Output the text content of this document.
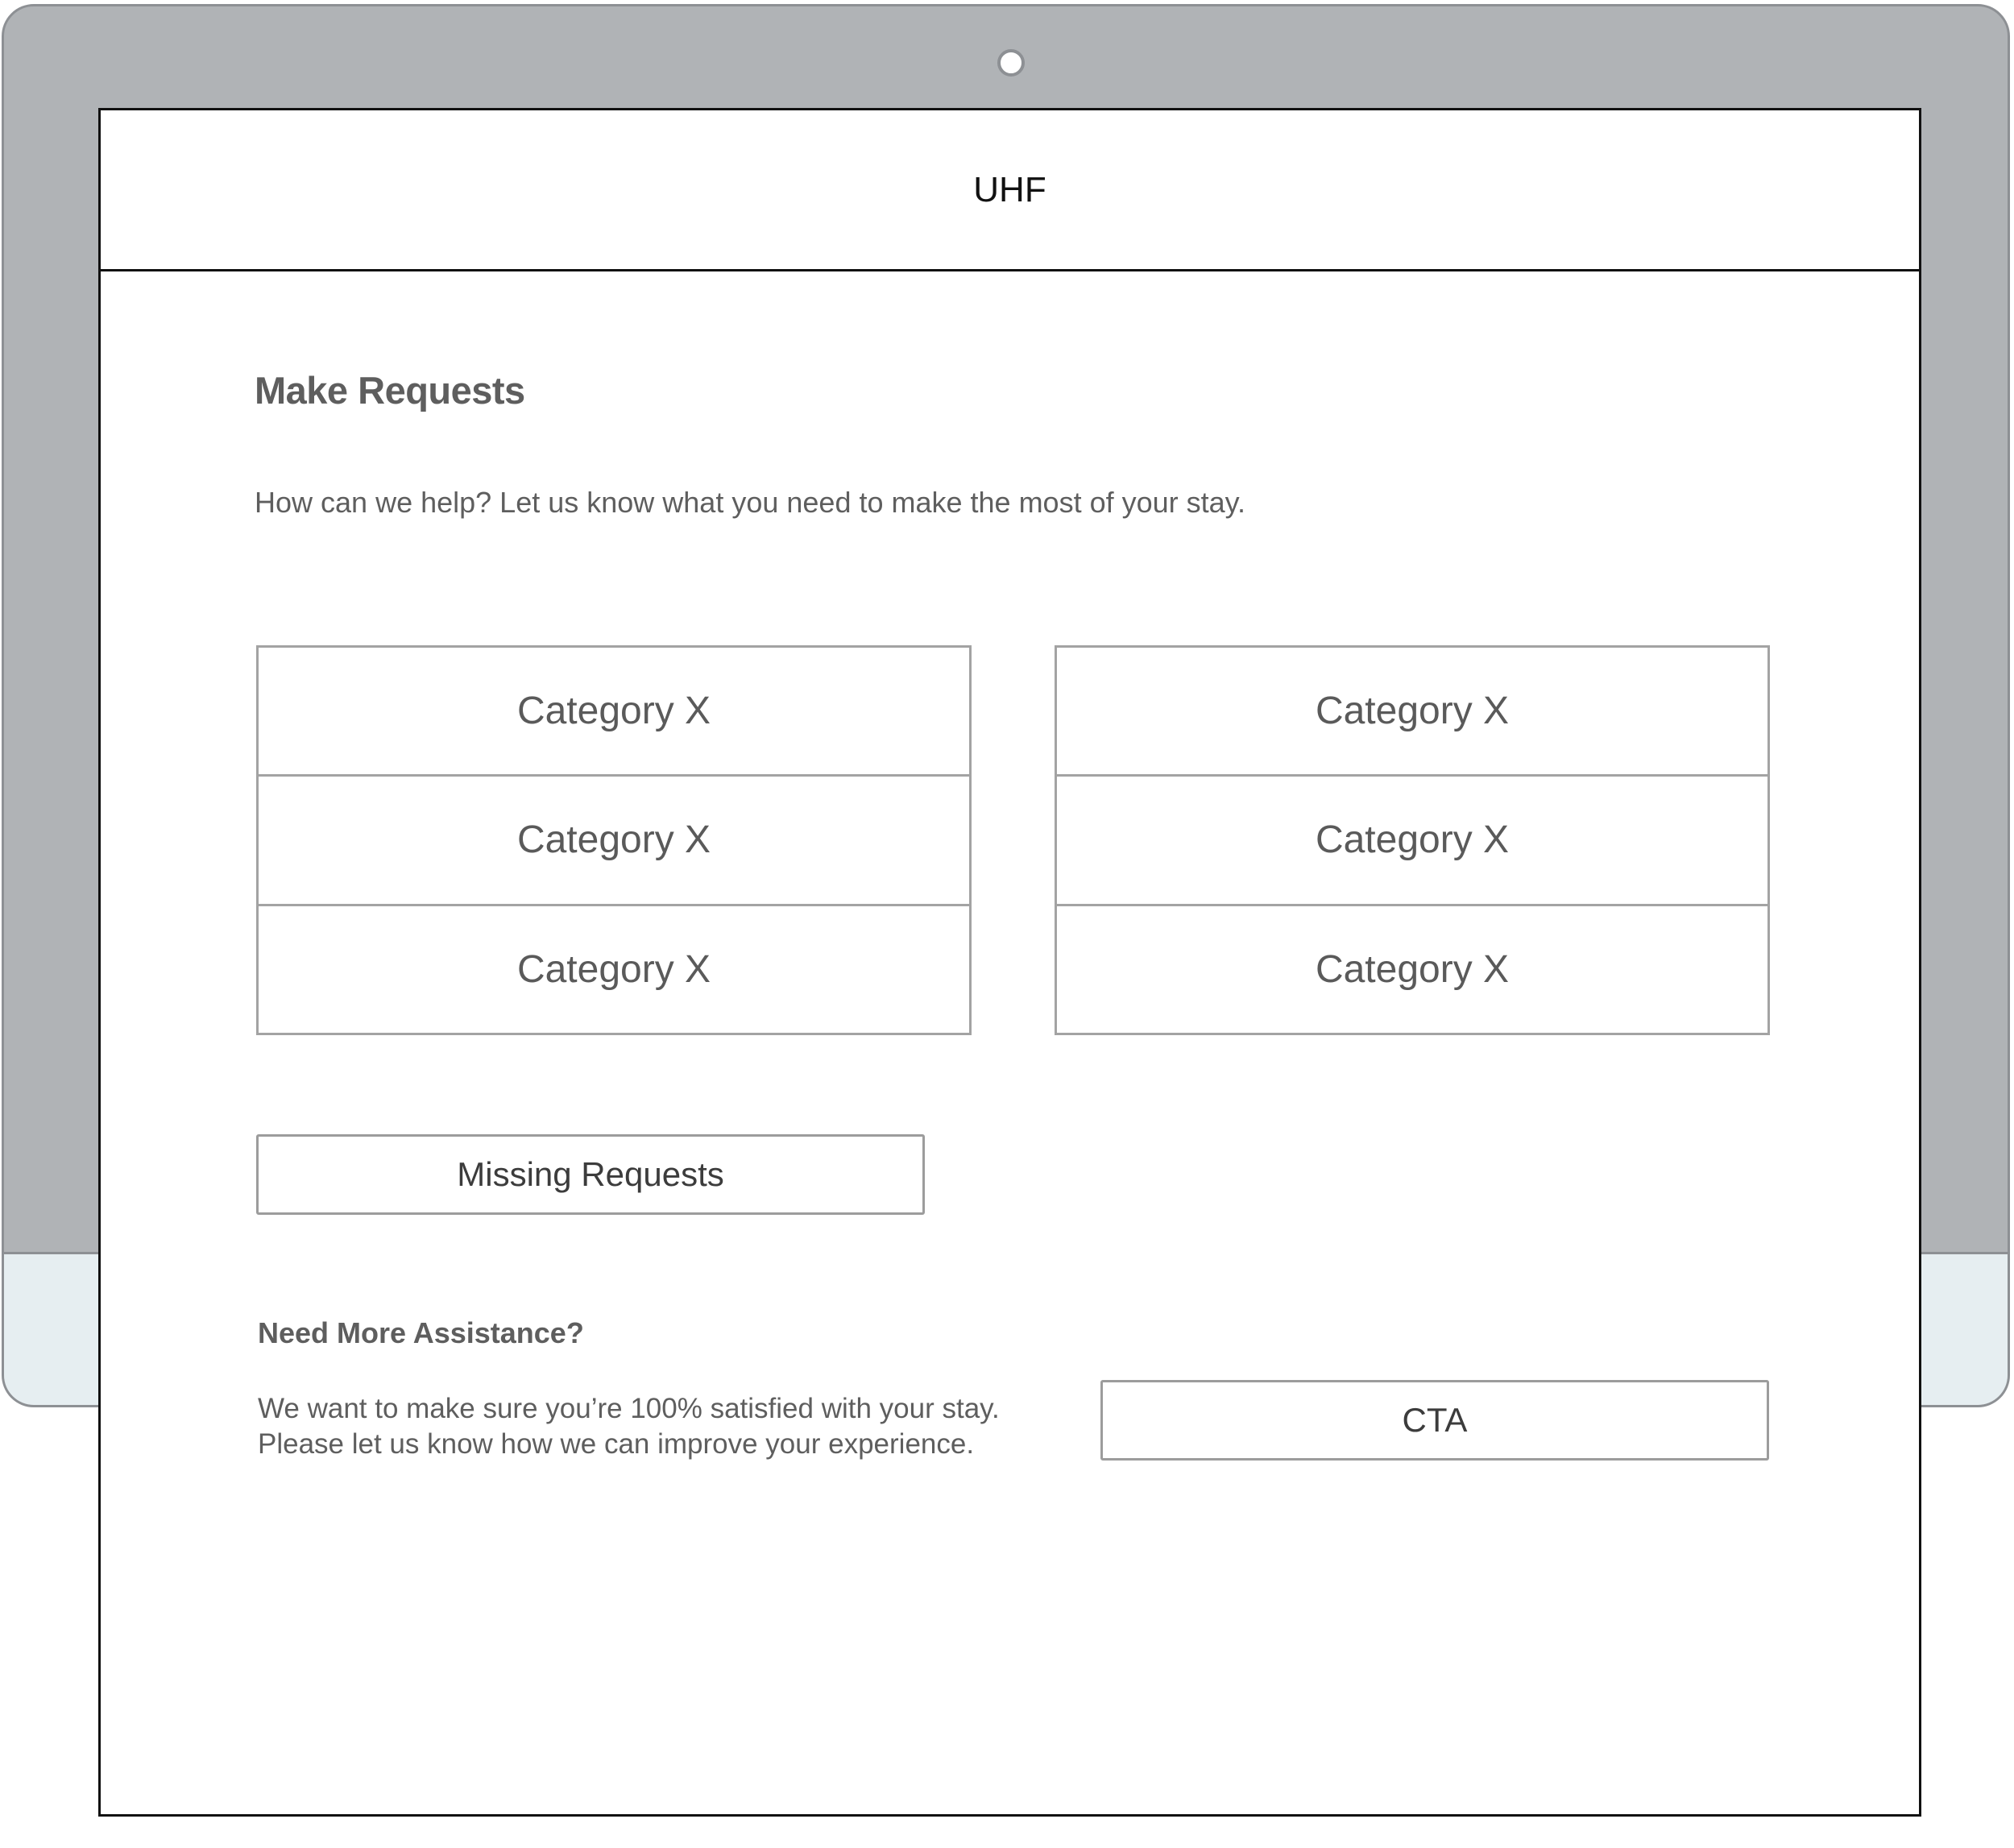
UHF
Make Requests

How can we help? Let us know what you need to make the most of your stay.

Category X
Category X
Category X
Category X
Category X
Category X
Missing Requests
Need More Assistance?

We want to make sure you’re 100% satisfied with your stay. Please let us know how we can improve your experience.

CTA
